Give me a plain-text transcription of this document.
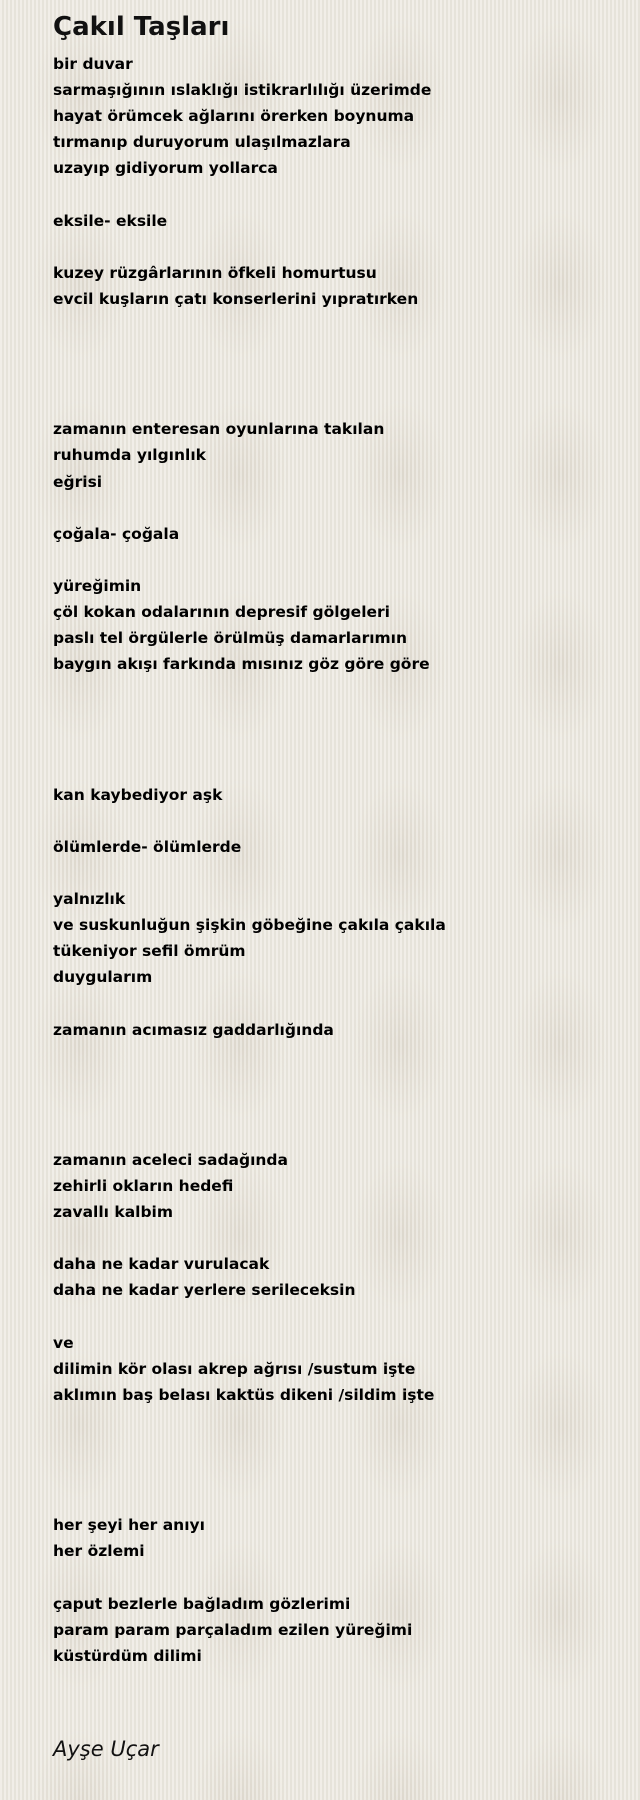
Çakıl Taşları
bir duvar
sarmaşığının ıslaklığı istikrarlılığı üzerimde
hayat örümcek ağlarını örerken boynuma
tırmanıp duruyorum ulaşılmazlara
uzayıp gidiyorum yollarca
eksile- eksile
kuzey rüzgârlarının öfkeli homurtusu
evcil kuşların çatı konserlerini yıpratırken
zamanın enteresan oyunlarına takılan
ruhumda yılgınlık
eğrisi
çoğala- çoğala
yüreğimin
çöl kokan odalarının depresif gölgeleri
paslı tel örgülerle örülmüş damarlarımın
baygın akışı farkında mısınız göz göre göre
kan kaybediyor aşk
ölümlerde- ölümlerde
yalnızlık
ve suskunluğun şişkin göbeğine çakıla çakıla
tükeniyor sefil ömrüm
duygularım
zamanın acımasız gaddarlığında
zamanın aceleci sadağında
zehirli okların hedefi
zavallı kalbim
daha ne kadar vurulacak
daha ne kadar yerlere serileceksin
ve
dilimin kör olası akrep ağrısı /sustum işte
aklımın baş belası kaktüs dikeni /sildim işte
her şeyi her anıyı
her özlemi
çaput bezlerle bağladım gözlerimi
param param parçaladım ezilen yüreğimi
küstürdüm dilimi
Ayşe Uçar
